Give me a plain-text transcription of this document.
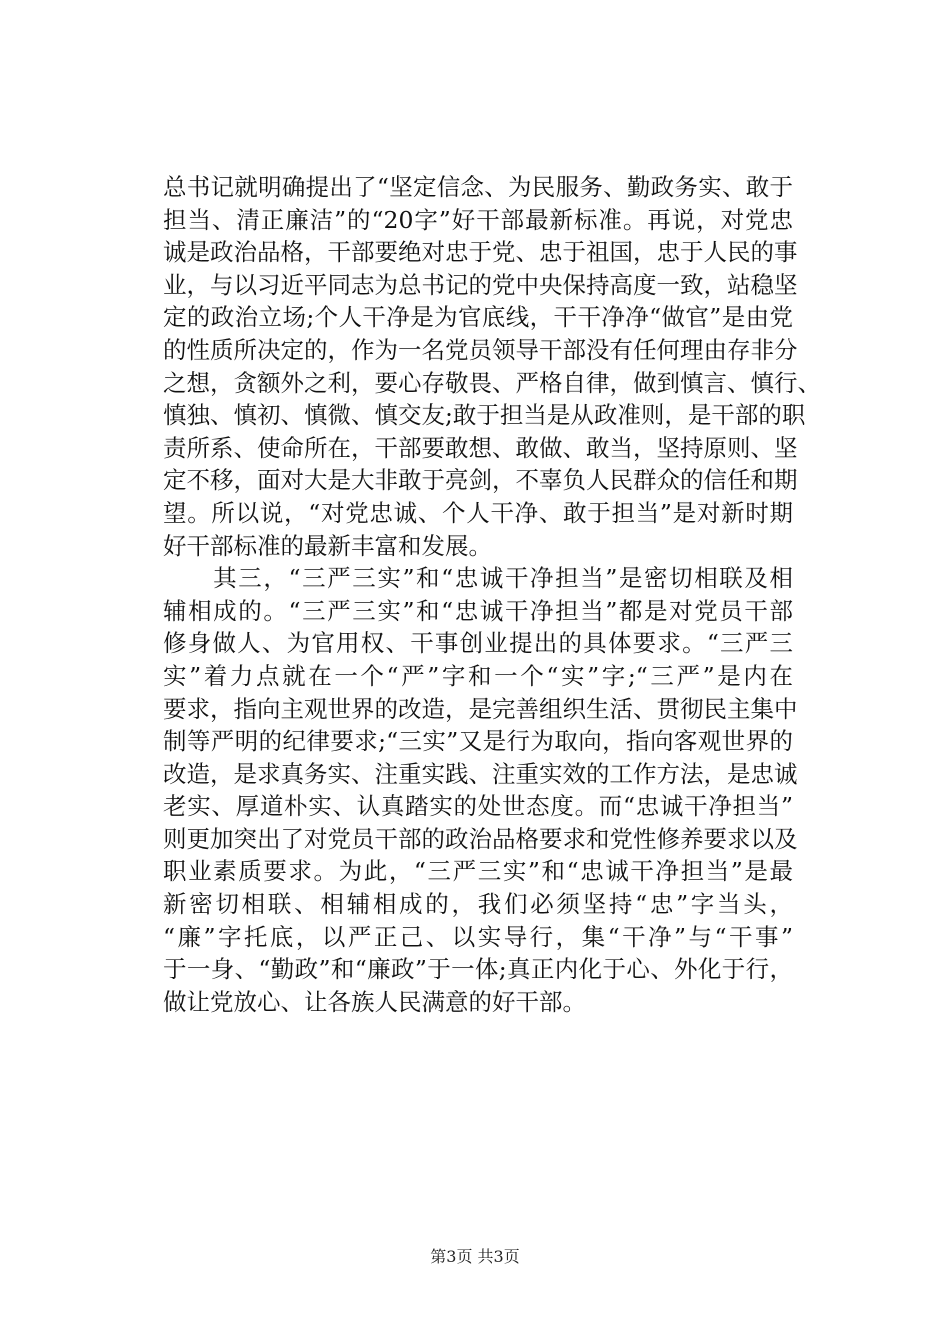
总书记就明确提出了“坚定信念、为民服务、勤政务实、敢于
担当、清正廉洁”的“20字”好干部最新标准。再说，对党忠
诚是政治品格，干部要绝对忠于党、忠于祖国，忠于人民的事
业，与以习近平同志为总书记的党中央保持高度一致，站稳坚
定的政治立场;个人干净是为官底线，干干净净“做官”是由党
的性质所决定的，作为一名党员领导干部没有任何理由存非分
之想，贪额外之利，要心存敬畏、严格自律，做到慎言、慎行、
慎独、慎初、慎微、慎交友;敢于担当是从政准则，是干部的职
责所系、使命所在，干部要敢想、敢做、敢当，坚持原则、坚
定不移，面对大是大非敢于亮剑，不辜负人民群众的信任和期
望。所以说，“对党忠诚、个人干净、敢于担当”是对新时期
好干部标准的最新丰富和发展。
　　其三，“三严三实”和“忠诚干净担当”是密切相联及相
辅相成的。“三严三实”和“忠诚干净担当”都是对党员干部
修身做人、为官用权、干事创业提出的具体要求。“三严三
实”着力点就在一个“严”字和一个“实”字;“三严”是内在
要求，指向主观世界的改造，是完善组织生活、贯彻民主集中
制等严明的纪律要求;“三实”又是行为取向，指向客观世界的
改造，是求真务实、注重实践、注重实效的工作方法，是忠诚
老实、厚道朴实、认真踏实的处世态度。而“忠诚干净担当”
则更加突出了对党员干部的政治品格要求和党性修养要求以及
职业素质要求。为此，“三严三实”和“忠诚干净担当”是最
新密切相联、相辅相成的，我们必须坚持“忠”字当头，
“廉”字托底，以严正己、以实导行，集“干净”与“干事”
于一身、“勤政”和“廉政”于一体;真正内化于心、外化于行，
做让党放心、让各族人民满意的好干部。
第3页 共3页
